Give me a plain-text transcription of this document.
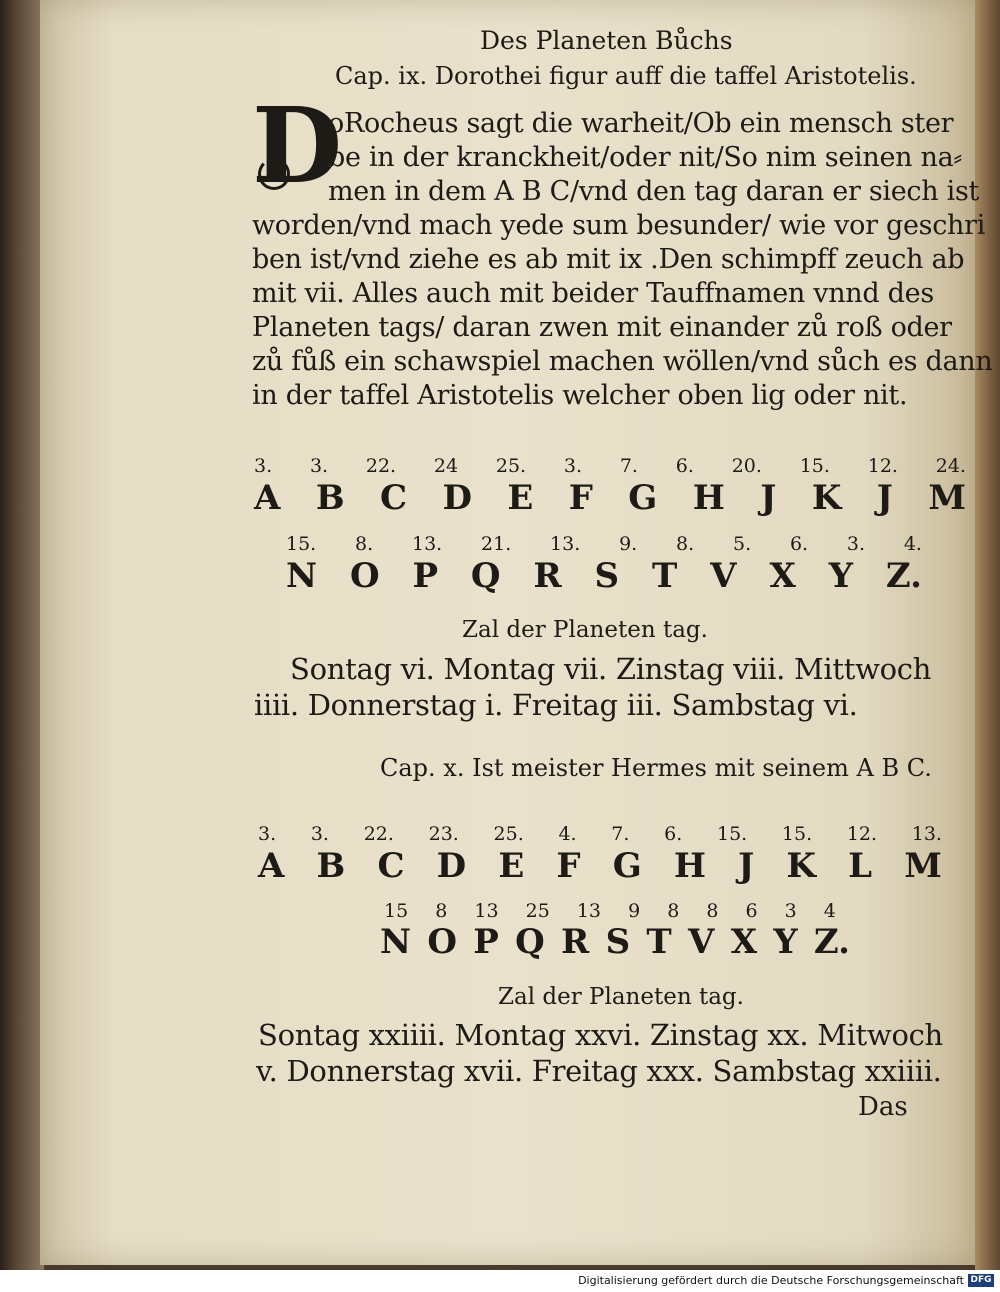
Des Planeten Bůchs
Cap. ix. Dorothei figur auff die taffel Aristotelis.
D
oRocheus sagt die warheit/Ob ein mensch ster
be in der kranckheit/oder nit/So nim seinen na⸗
men in dem A B C/vnd den tag daran er siech ist
worden/vnd mach yede sum besunder/ wie vor geschri
ben ist/vnd ziehe es ab mit ix .Den schimpff zeuch ab
mit vii. Alles auch mit beider Tauffnamen vnnd des
Planeten tags/ daran zwen mit einander zů roß oder
zů fůß ein schawspiel machen wöllen/vnd sůch es dann
in der taffel Aristotelis welcher oben lig oder nit.
3. 3. 22. 24 25. 3. 7. 6. 20. 15. 12. 24.
A B C D E F G H J K J M
15. 8. 13. 21. 13. 9. 8. 5. 6. 3. 4.
N O P Q R S T V X Y Z.
Zal der Planeten tag.
Sontag vi. Montag vii. Zinstag viii. Mittwoch
iiii. Donnerstag i. Freitag iii. Sambstag vi.
Cap. x. Ist meister Hermes mit seinem A B C.
3. 3. 22. 23. 25. 4. 7. 6. 15. 15. 12. 13.
A B C D E F G H J K L M
15 8 13 25 13 9 8 8 6 3 4
N O P Q R S T V X Y Z.
Zal der Planeten tag.
Sontag xxiiii. Montag xxvi. Zinstag xx. Mitwoch
v. Donnerstag xvii. Freitag xxx. Sambstag xxiiii.
Das
Digitalisierung gefördert durch die Deutsche Forschungsgemeinschaft DFG
